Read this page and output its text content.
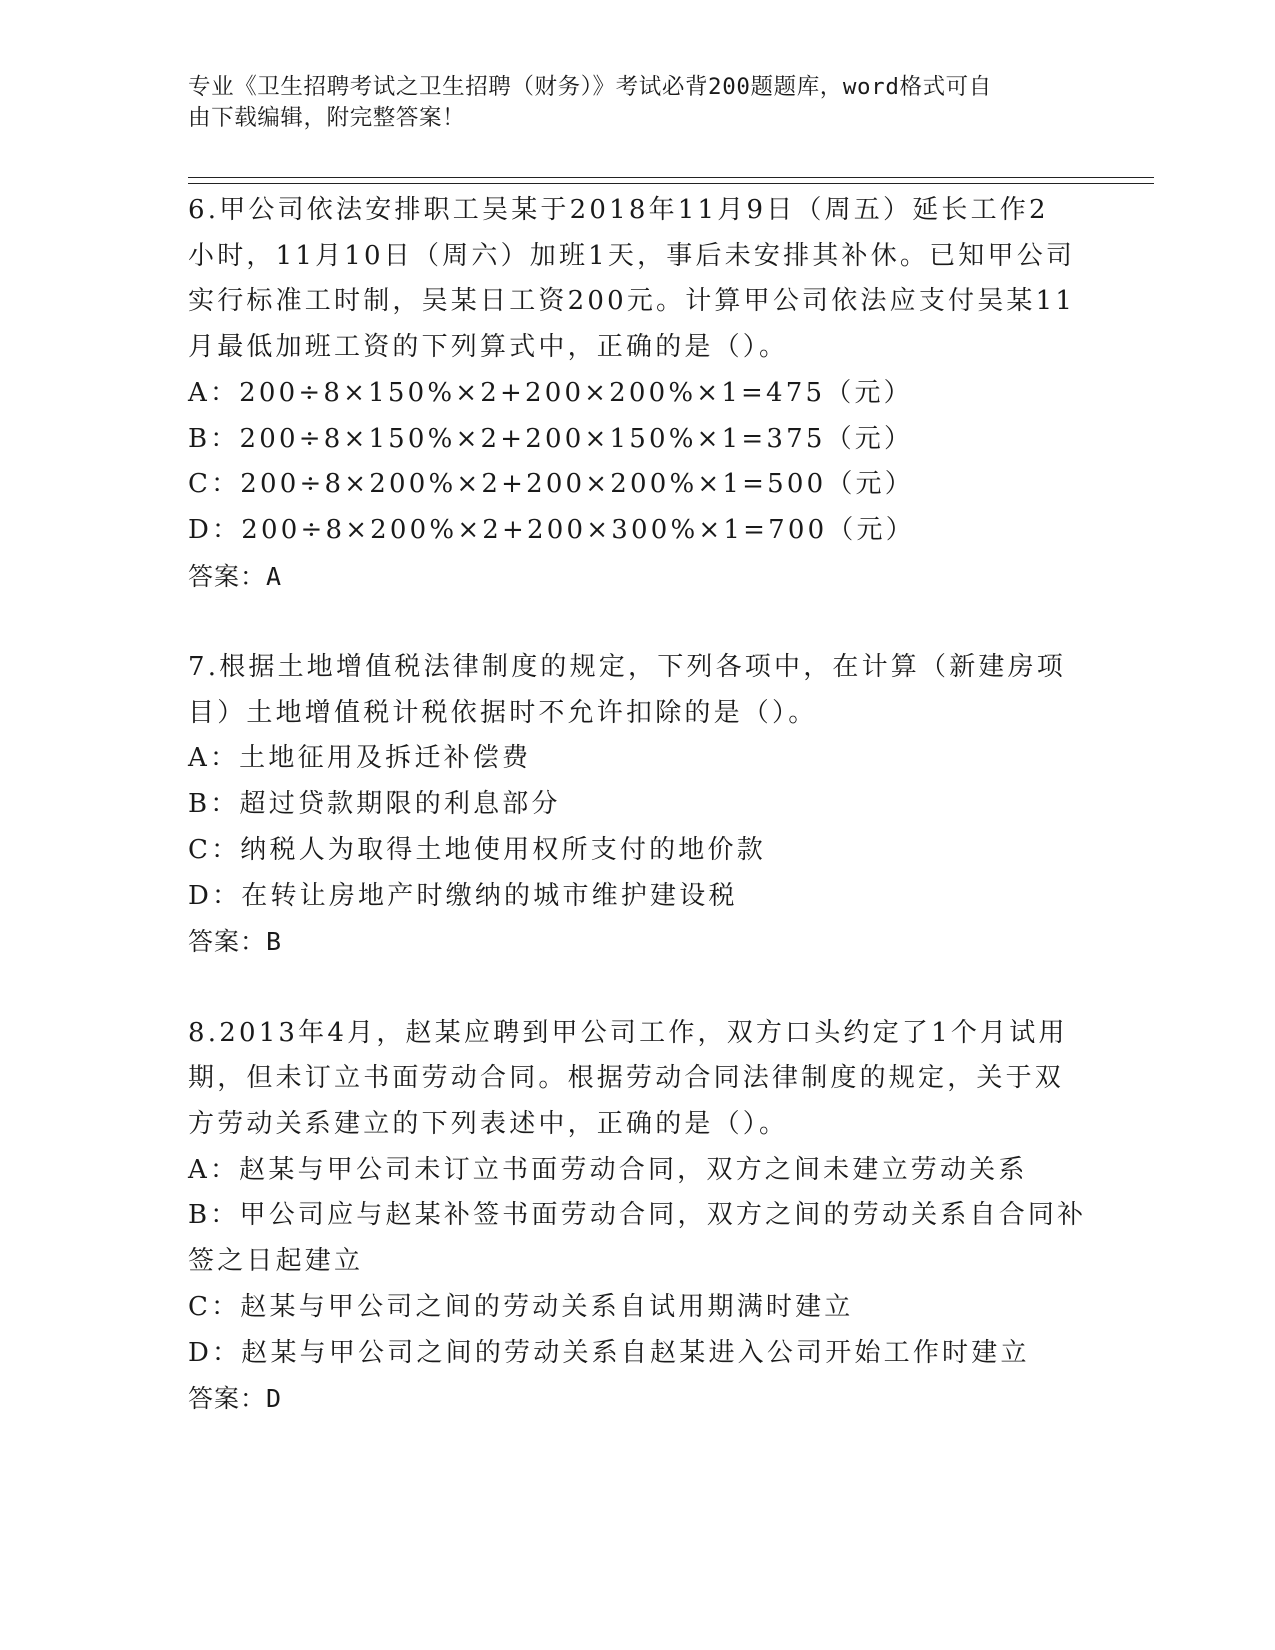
专业《卫生招聘考试之卫生招聘（财务）》考试必背200题题库，word格式可自
由下载编辑，附完整答案！
6.甲公司依法安排职工吴某于2018年11月9日（周五）延长工作2
小时，11月10日（周六）加班1天，事后未安排其补休。已知甲公司
实行标准工时制，吴某日工资200元。计算甲公司依法应支付吴某11
月最低加班工资的下列算式中，正确的是（）。
A：200÷8×150%×2+200×200%×1=475（元）
B：200÷8×150%×2+200×150%×1=375（元）
C：200÷8×200%×2+200×200%×1=500（元）
D：200÷8×200%×2+200×300%×1=700（元）
答案：A
7.根据土地增值税法律制度的规定，下列各项中，在计算（新建房项
目）土地增值税计税依据时不允许扣除的是（）。
A：土地征用及拆迁补偿费
B：超过贷款期限的利息部分
C：纳税人为取得土地使用权所支付的地价款
D：在转让房地产时缴纳的城市维护建设税
答案：B
8.2013年4月，赵某应聘到甲公司工作，双方口头约定了1个月试用
期，但未订立书面劳动合同。根据劳动合同法律制度的规定，关于双
方劳动关系建立的下列表述中，正确的是（）。
A：赵某与甲公司未订立书面劳动合同，双方之间未建立劳动关系
B：甲公司应与赵某补签书面劳动合同，双方之间的劳动关系自合同补
签之日起建立
C：赵某与甲公司之间的劳动关系自试用期满时建立
D：赵某与甲公司之间的劳动关系自赵某进入公司开始工作时建立
答案：D
